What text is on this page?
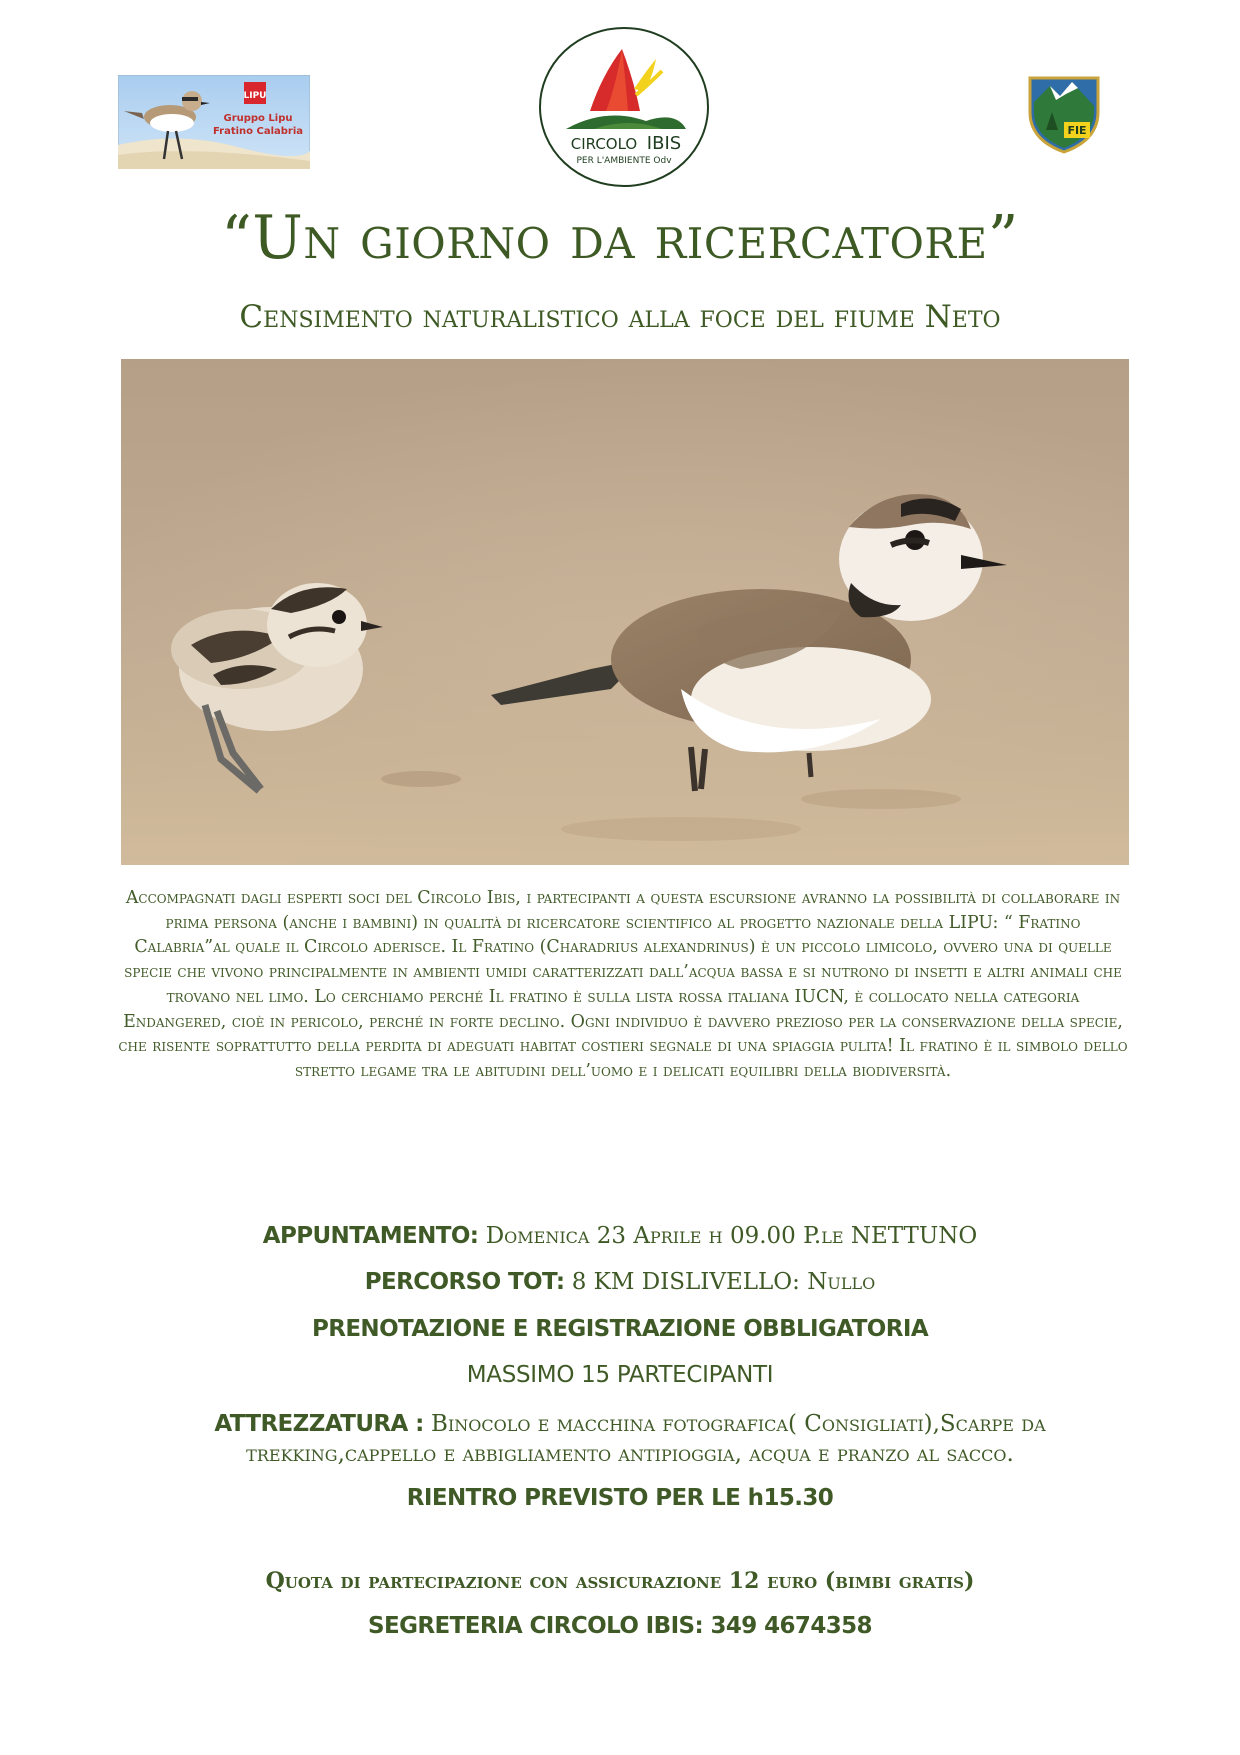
LIPU
Gruppo Lipu
Fratino Calabria
CIRCOLO IBIS
PER L'AMBIENTE Odv
FIE
“Un giorno da ricercatore”
Censimento naturalistico alla foce del fiume Neto
Accompagnati dagli esperti soci del Circolo Ibis, i partecipanti a questa escursione avranno la possibilità di collaborare in prima persona (anche i bambini) in qualità di ricercatore scientifico al progetto nazionale della LIPU: “ Fratino Calabria”al quale il Circolo aderisce. Il Fratino (Charadrius alexandrinus) è un piccolo limicolo, ovvero una di quelle specie che vivono principalmente in ambienti umidi caratterizzati dall’acqua bassa e si nutrono di insetti e altri animali che trovano nel limo. Lo cerchiamo perché Il fratino è sulla lista rossa italiana IUCN, è collocato nella categoria Endangered, cioè in pericolo, perché in forte declino. Ogni individuo è davvero prezioso per la conservazione della specie, che risente soprattutto della perdita di adeguati habitat costieri segnale di una spiaggia pulita! Il fratino è il simbolo dello stretto legame tra le abitudini dell’uomo e i delicati equilibri della biodiversità.
APPUNTAMENTO: Domenica 23 Aprile h 09.00 P.le NETTUNO
PERCORSO TOT: 8 KM DISLIVELLO: Nullo
PRENOTAZIONE E REGISTRAZIONE OBBLIGATORIA
MASSIMO 15 PARTECIPANTI
ATTREZZATURA : Binocolo e macchina fotografica( Consigliati),Scarpe da trekking,cappello e abbigliamento antipioggia, acqua e pranzo al sacco.
RIENTRO PREVISTO PER LE h15.30
Quota di partecipazione con assicurazione 12 euro (bimbi gratis)
SEGRETERIA CIRCOLO IBIS: 349 4674358
